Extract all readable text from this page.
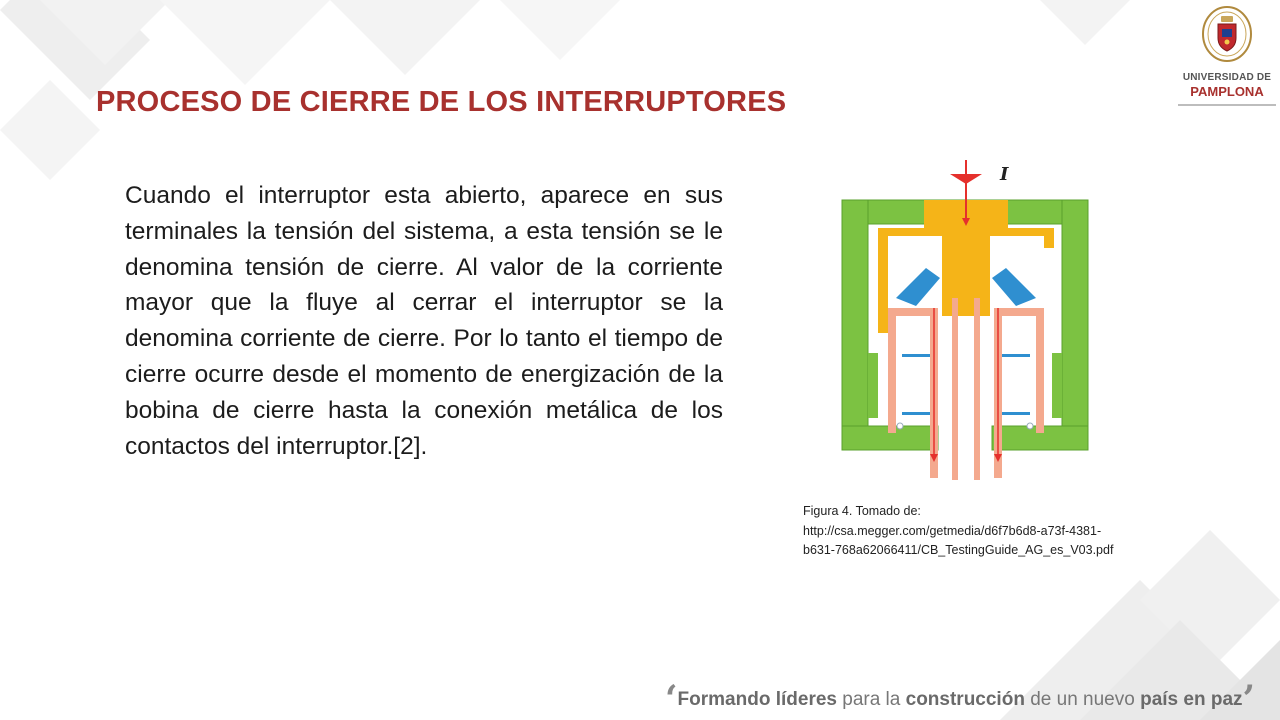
PROCESO DE CIERRE DE LOS INTERRUPTORES

Cuando el interruptor esta abierto, aparece en sus terminales la tensión del sistema, a esta tensión se le denomina tensión de cierre. Al valor de la corriente mayor que la fluye al cerrar el interruptor se la denomina corriente de cierre. Por lo tanto el tiempo de cierre ocurre desde el momento de energización de la bobina de cierre hasta la conexión metálica de los contactos del interruptor.[2].

UNIVERSIDAD DE
PAMPLONA
I
Figura 4. Tomado de:
http://csa.megger.com/getmedia/d6f7b6d8-a73f-4381-
b631-768a62066411/CB_TestingGuide_AG_es_V03.pdf
‘Formando líderes para la construcción de un nuevo país en paz’
